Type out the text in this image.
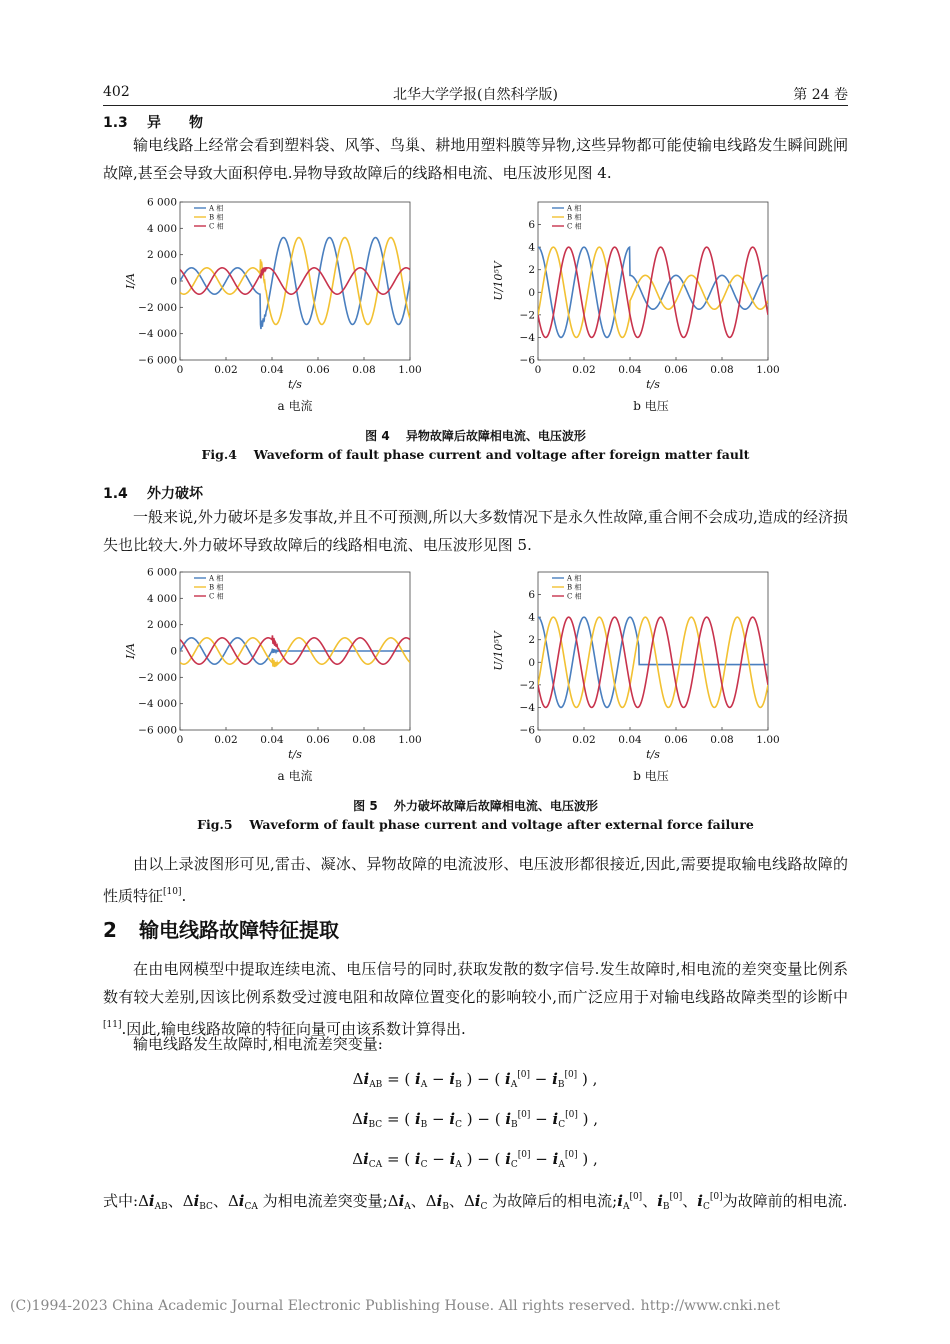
402	北华大学学报(自然科学版)	第 24 卷
1.3 异　　物
输电线路上经常会看到塑料袋、风筝、鸟巢、耕地用塑料膜等异物,这些异物都可能使输电线路发生瞬间跳闸故障,甚至会导致大面积停电.异物导致故障后的线路相电流、电压波形见图 4.
6 000
4 000
2 000
0
−2 000
−4 000
−6 000
0	0.02 0.04 0.06 0.08 1.00
t/s
I/A
A 相
B 相
C 相	6
4
2
0
−2
−4
−6
0	0.02 0.04 0.06 0.08 1.00
t/s
U/10⁵V
A 相
B 相
C 相
a 电流	b 电压
图 4　 异物故障后故障相电流、电压波形
Fig.4　 Waveform of fault phase current and voltage after foreign matter fault
1.4 外力破坏
一般来说,外力破坏是多发事故,并且不可预测,所以大多数情况下是永久性故障,重合闸不会成功,造成的经济损失也比较大.外力破坏导致故障后的线路相电流、电压波形见图 5.
6 000
4 000
2 000
0
−2 000
−4 000
−6 000
0	0.02 0.04 0.06 0.08 1.00
t/s
I/A
A 相
B 相
C 相	6
4
2
0
−2
−4
−6
0	0.02 0.04 0.06 0.08 1.00
t/s
U/10⁵V
A 相
B 相
C 相
a 电流	b 电压
图 5　 外力破坏故障后故障相电流、电压波形
Fig.5　 Waveform of fault phase current and voltage after external force failure
由以上录波图形可见,雷击、凝冰、异物故障的电流波形、电压波形都很接近,因此,需要提取输电线路故障的性质特征[10].
2 输电线路故障特征提取
在由电网模型中提取连续电流、电压信号的同时,获取发散的数字信号.发生故障时,相电流的差突变量比例系数有较大差别,因该比例系数受过渡电阻和故障位置变化的影响较小,而广泛应用于对输电线路故障类型的诊断中[11].因此,输电线路故障的特征向量可由该系数计算得出.
输电线路发生故障时,相电流差突变量:
$\Delta i_{AB}$ = ( $i_A - i_B$ ) − ( $i_A[0] - i_B[0]$ ) ,
$\Delta i_{BC}$ = ( $i_B - i_C$ ) − ( $i_B[0] - i_C[0]$ ) ,
$\Delta i_{CA}$ = ( $i_C - i_A$ ) − ( $i_C[0] - i_A[0]$ ) ,
式中$:\Delta i_{AB}$、$\Delta i_{BC}$、$\Delta i_{CA}$ 为相电流差突变量$;\Delta i_A$、$\Delta i_B$、$\Delta i_C$ 为故障后的相电流$;i_A[0]$、$i_B[0]$、$i_C[0]$为故障前的相电流.
(C)1994-2023 China Academic Journal Electronic Publishing House. All rights reserved. http://www.cnki.net
